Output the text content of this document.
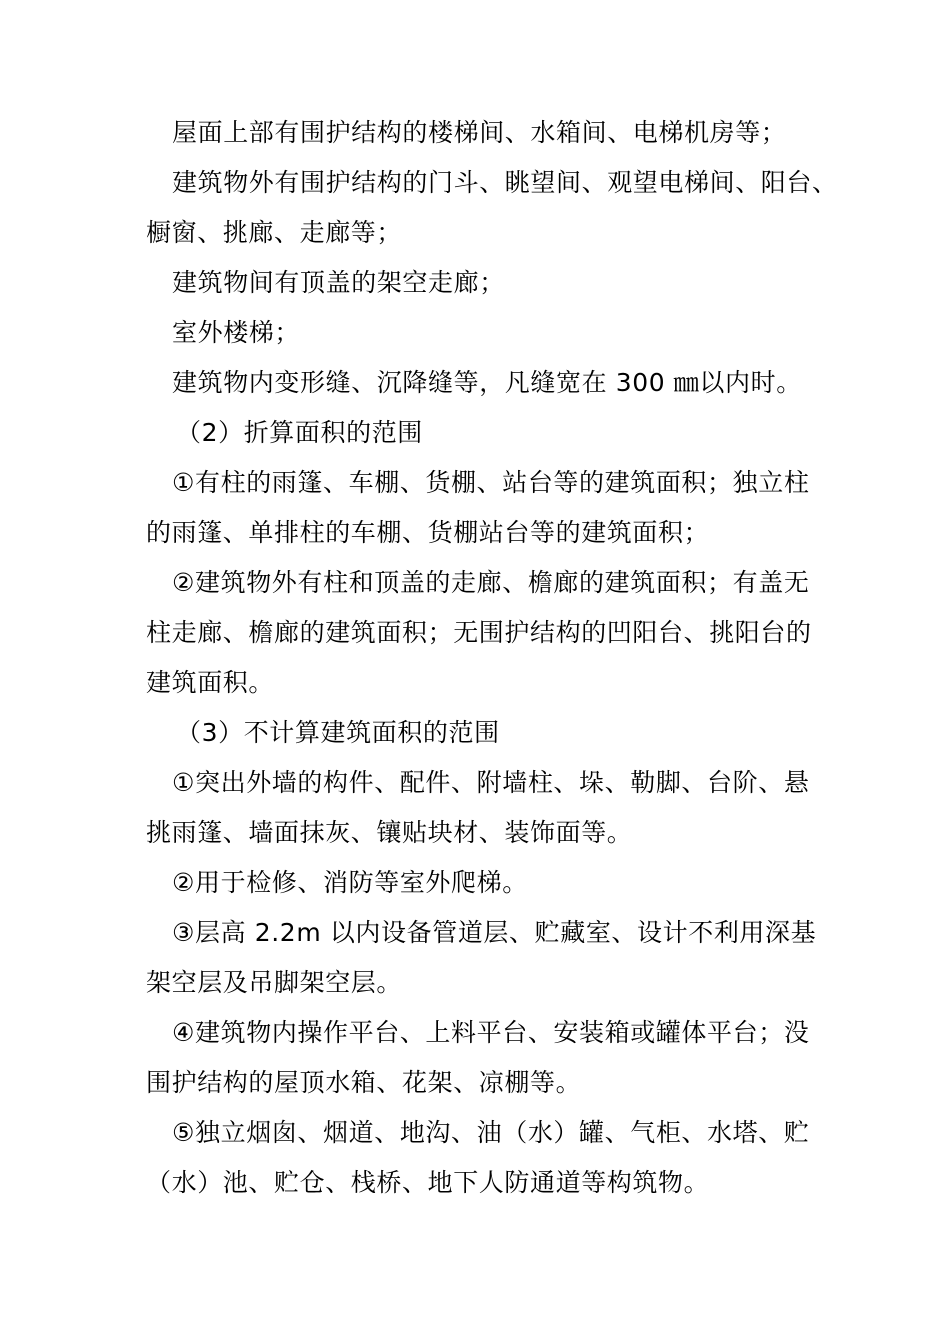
屋面上部有围护结构的楼梯间、水箱间、电梯机房等；
建筑物外有围护结构的门斗、眺望间、观望电梯间、阳台、
橱窗、挑廊、走廊等；
建筑物间有顶盖的架空走廊；
室外楼梯；
建筑物内变形缝、沉降缝等，凡缝宽在 300 ㎜以内时。
（2）折算面积的范围
①有柱的雨篷、车棚、货棚、站台等的建筑面积；独立柱
的雨篷、单排柱的车棚、货棚站台等的建筑面积；
②建筑物外有柱和顶盖的走廊、檐廊的建筑面积；有盖无
柱走廊、檐廊的建筑面积；无围护结构的凹阳台、挑阳台的
建筑面积。
（3）不计算建筑面积的范围
①突出外墙的构件、配件、附墙柱、垛、勒脚、台阶、悬
挑雨篷、墙面抹灰、镶贴块材、装饰面等。
②用于检修、消防等室外爬梯。
③层高 2.2m 以内设备管道层、贮藏室、设计不利用深基
架空层及吊脚架空层。
④建筑物内操作平台、上料平台、安装箱或罐体平台；没
围护结构的屋顶水箱、花架、凉棚等。
⑤独立烟囱、烟道、地沟、油（水）罐、气柜、水塔、贮
（水）池、贮仓、栈桥、地下人防通道等构筑物。
